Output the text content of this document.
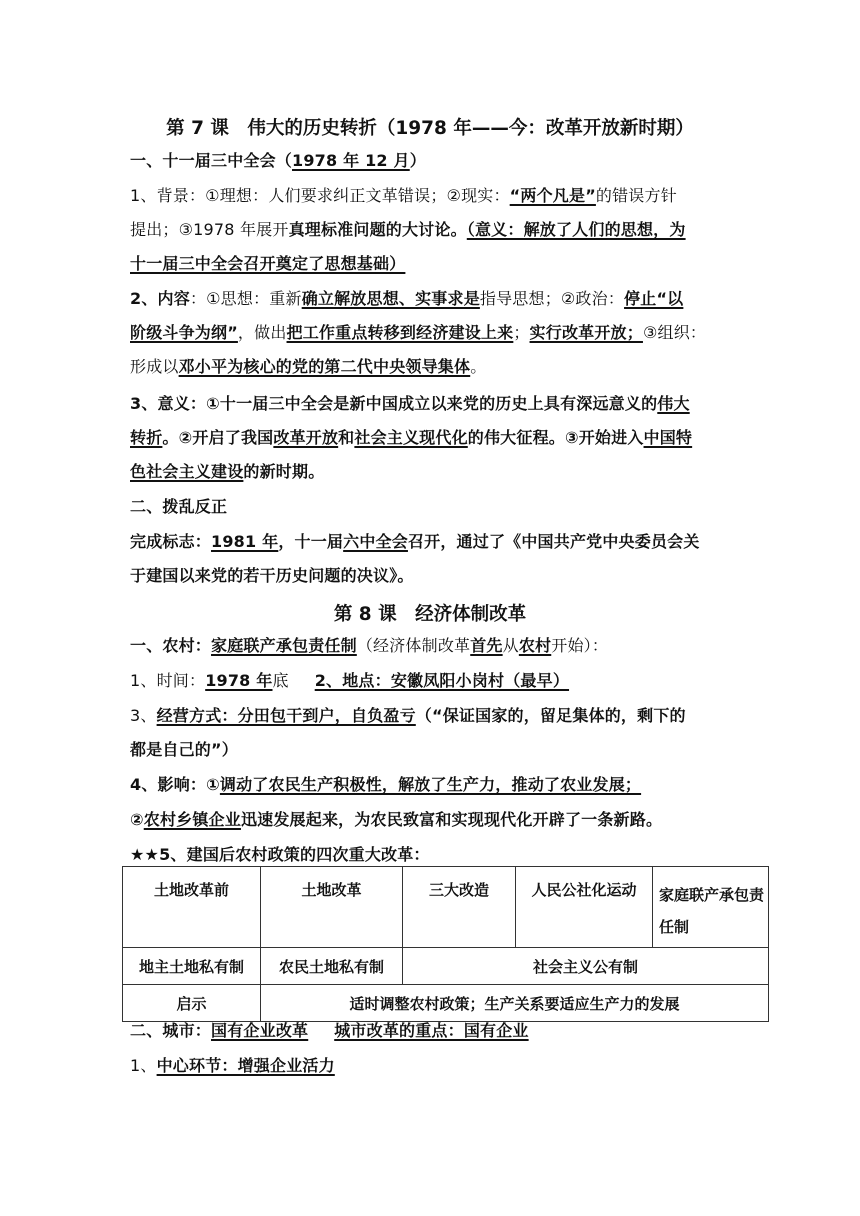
第 7 课　伟大的历史转折（1978 年——今：改革开放新时期）
一、十一届三中全会（1978 年 12 月）
1、背景：①理想：人们要求纠正文革错误；②现实：“两个凡是”的错误方针
提出；③1978 年展开真理标准问题的大讨论。（意义：解放了人们的思想，为
十一届三中全会召开奠定了思想基础）
2、内容：①思想：重新确立解放思想、实事求是指导思想；②政治：停止“以
阶级斗争为纲”，做出把工作重点转移到经济建设上来；实行改革开放；③组织：
形成以邓小平为核心的党的第二代中央领导集体。
3、意义：①十一届三中全会是新中国成立以来党的历史上具有深远意义的伟大
转折。②开启了我国改革开放和社会主义现代化的伟大征程。③开始进入中国特
色社会主义建设的新时期。
二、拨乱反正
完成标志：1981 年，十一届六中全会召开，通过了《中国共产党中央委员会关
于建国以来党的若干历史问题的决议》。
第 8 课　经济体制改革
一、农村：家庭联产承包责任制（经济体制改革首先从农村开始）：
1、时间：1978 年底 2、地点：安徽凤阳小岗村（最早）
3、经营方式：分田包干到户，自负盈亏（“保证国家的，留足集体的，剩下的
都是自己的”）
4、影响：①调动了农民生产积极性，解放了生产力，推动了农业发展；
②农村乡镇企业迅速发展起来，为农民致富和实现现代化开辟了一条新路。
★★5、建国后农村政策的四次重大改革：
土地改革前	土地改革	三大改造	人民公社化运动	家庭联产承包责任制
地主土地私有制	农民土地私有制	社会主义公有制		
启示	适时调整农村政策；生产关系要适应生产力的发展			
二、城市：国有企业改革 城市改革的重点：国有企业
1、中心环节：增强企业活力
